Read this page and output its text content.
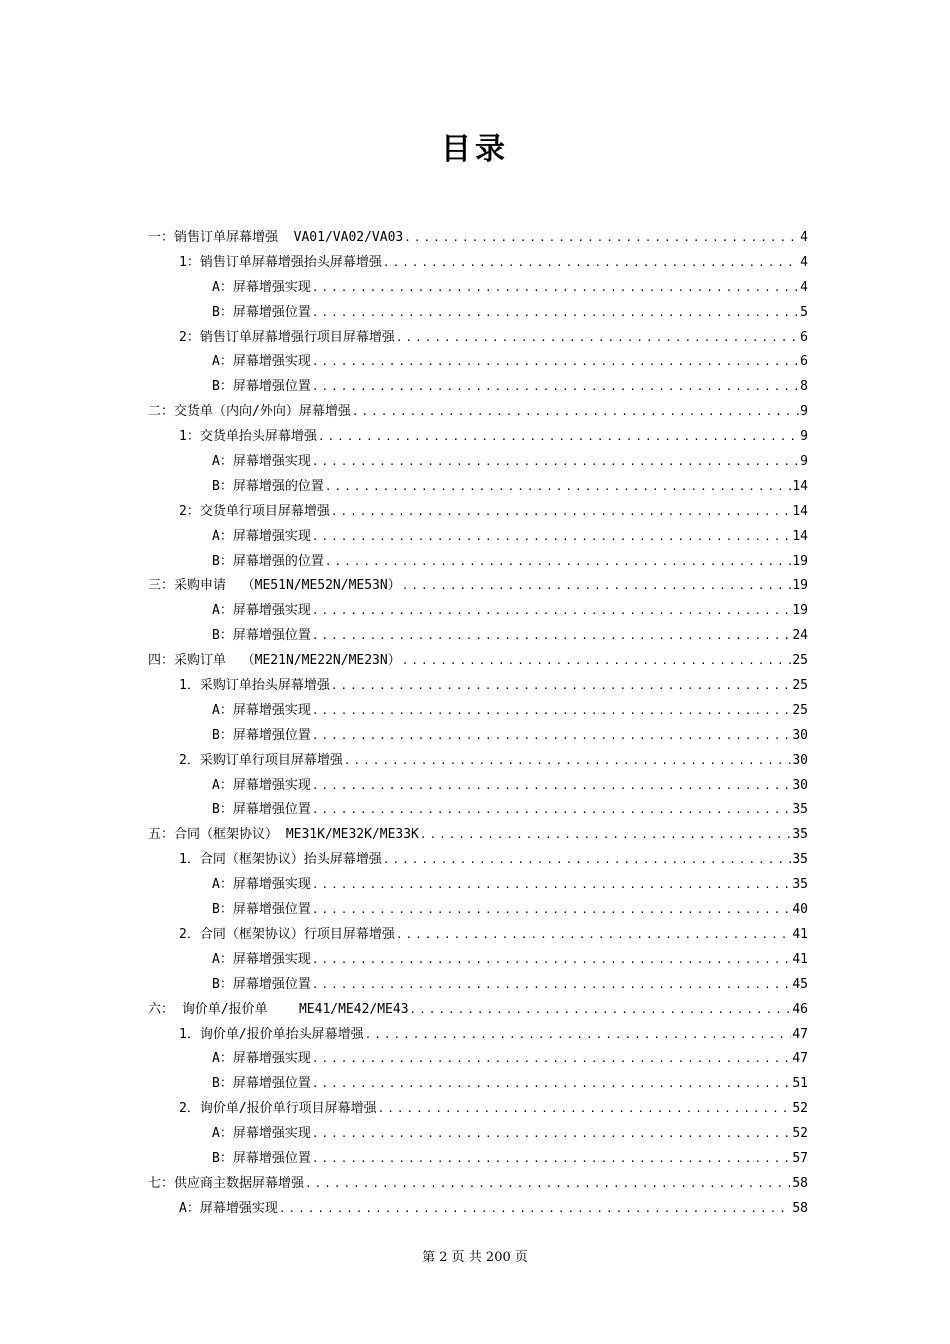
目录
一：销售订单屏幕增强  VA01/VA02/VA03 .....	4
1：销售订单屏幕增强抬头屏幕增强 .....	4
A：屏幕增强实现 .....	4
B：屏幕增强位置 .....	5
2：销售订单屏幕增强行项目屏幕增强 .....	6
A：屏幕增强实现 .....	6
B：屏幕增强位置 .....	8
二：交货单（内向/外向）屏幕增强 .....	9
1：交货单抬头屏幕增强 .....	9
A：屏幕增强实现 .....	9
B：屏幕增强的位置 .....	14
2：交货单行项目屏幕增强 .....	14
A：屏幕增强实现 .....	14
B：屏幕增强的位置 .....	19
三：采购申请  （ME51N/ME52N/ME53N） .....	19
A：屏幕增强实现 .....	19
B：屏幕增强位置 .....	24
四：采购订单  （ME21N/ME22N/ME23N） .....	25
1．采购订单抬头屏幕增强 .....	25
A：屏幕增强实现 .....	25
B：屏幕增强位置 .....	30
2．采购订单行项目屏幕增强 .....	30
A：屏幕增强实现 .....	30
B：屏幕增强位置 .....	35
五：合同（框架协议） ME31K/ME32K/ME33K .....	35
1．合同（框架协议）抬头屏幕增强 .....	35
A：屏幕增强实现 .....	35
B：屏幕增强位置 .....	40
2．合同（框架协议）行项目屏幕增强 .....	41
A：屏幕增强实现 .....	41
B：屏幕增强位置 .....	45
六： 询价单/报价单    ME41/ME42/ME43 .....	46
1．询价单/报价单抬头屏幕增强 .....	47
A：屏幕增强实现 .....	47
B：屏幕增强位置 .....	51
2．询价单/报价单行项目屏幕增强 .....	52
A：屏幕增强实现 .....	52
B：屏幕增强位置 .....	57
七：供应商主数据屏幕增强 .....	58
A：屏幕增强实现 .....	58
第 2 页 共 200 页
